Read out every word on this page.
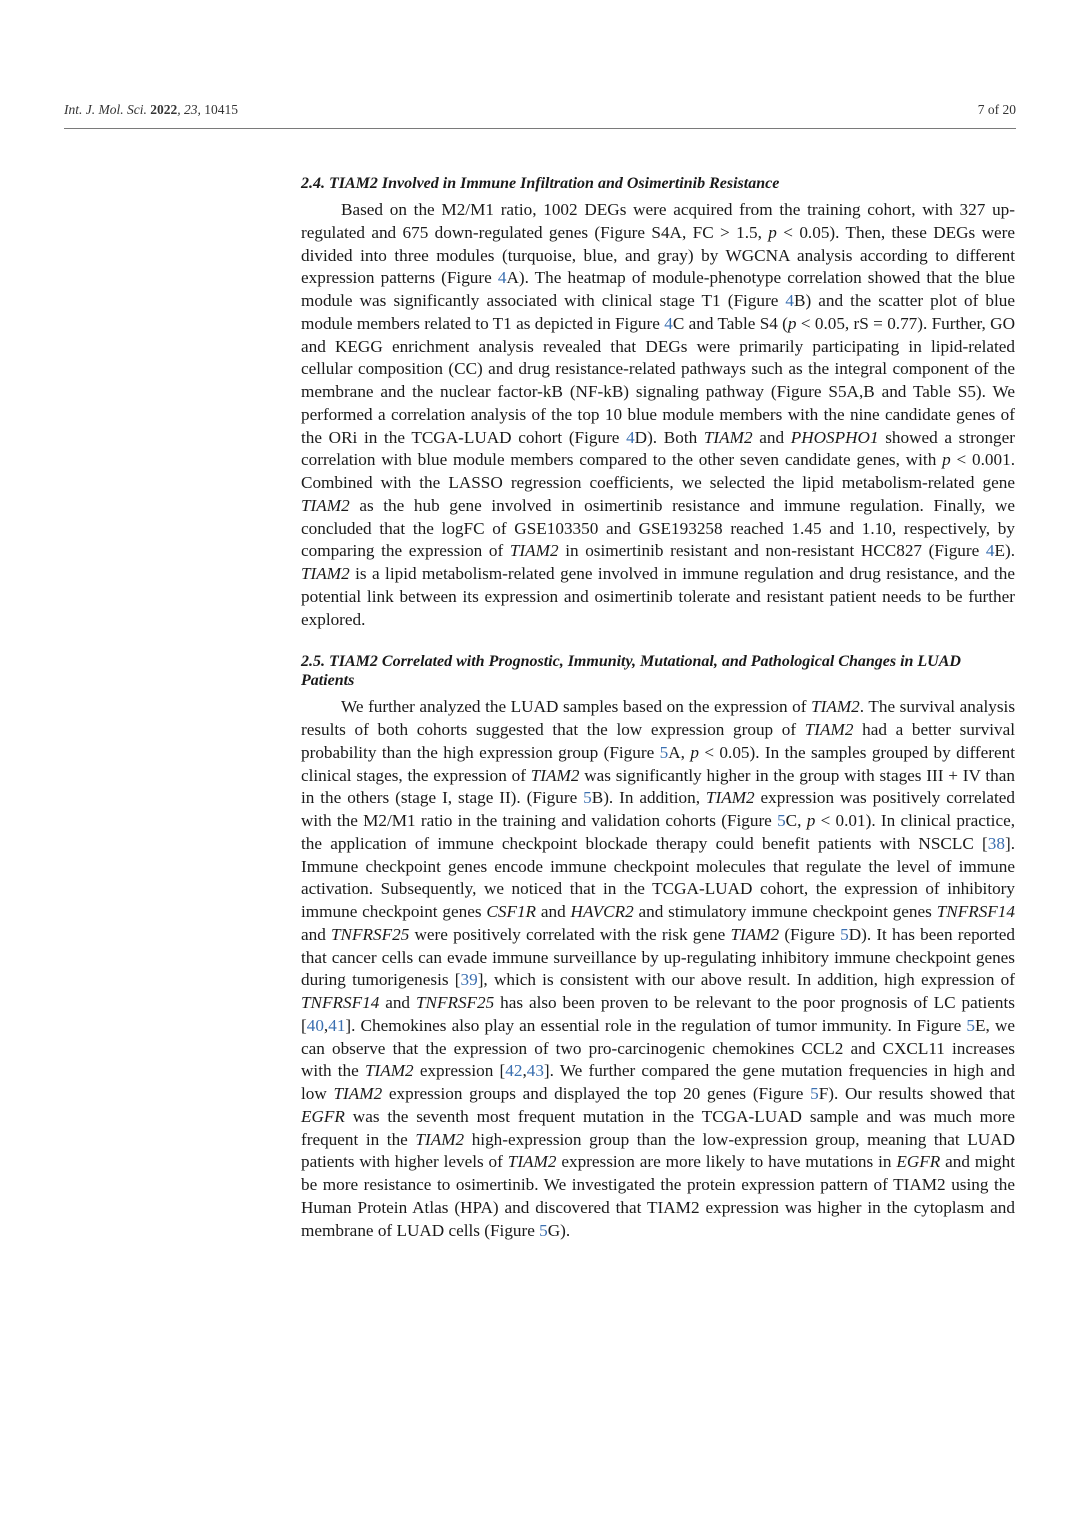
Int. J. Mol. Sci. 2022, 23, 10415	7 of 20
2.4. TIAM2 Involved in Immune Infiltration and Osimertinib Resistance

Based on the M2/M1 ratio, 1002 DEGs were acquired from the training cohort, with 327 up-regulated and 675 down-regulated genes (Figure S4A, FC > 1.5, p < 0.05). Then, these DEGs were divided into three modules (turquoise, blue, and gray) by WGCNA analysis according to different expression patterns (Figure 4A). The heatmap of module-phenotype correlation showed that the blue module was significantly associated with clinical stage T1 (Figure 4B) and the scatter plot of blue module members related to T1 as depicted in Figure 4C and Table S4 (p < 0.05, rS = 0.77). Further, GO and KEGG enrichment analysis revealed that DEGs were primarily participating in lipid-related cellular composition (CC) and drug resistance-related pathways such as the integral component of the membrane and the nuclear factor-kB (NF-kB) signaling pathway (Figure S5A,B and Table S5). We performed a correlation analysis of the top 10 blue module members with the nine candidate genes of the ORi in the TCGA-LUAD cohort (Figure 4D). Both TIAM2 and PHOSPHO1 showed a stronger correlation with blue module members compared to the other seven candidate genes, with p < 0.001. Combined with the LASSO regression coefficients, we selected the lipid metabolism-related gene TIAM2 as the hub gene involved in osimertinib resistance and immune regulation. Finally, we concluded that the logFC of GSE103350 and GSE193258 reached 1.45 and 1.10, respectively, by comparing the expression of TIAM2 in osimertinib resistant and non-resistant HCC827 (Figure 4E). TIAM2 is a lipid metabolism-related gene involved in immune regulation and drug resistance, and the potential link between its expression and osimertinib tolerate and resistant patient needs to be further explored.

2.5. TIAM2 Correlated with Prognostic, Immunity, Mutational, and Pathological Changes in LUAD Patients

We further analyzed the LUAD samples based on the expression of TIAM2. The survival analysis results of both cohorts suggested that the low expression group of TIAM2 had a better survival probability than the high expression group (Figure 5A, p < 0.05). In the samples grouped by different clinical stages, the expression of TIAM2 was significantly higher in the group with stages III + IV than in the others (stage I, stage II). (Figure 5B). In addition, TIAM2 expression was positively correlated with the M2/M1 ratio in the training and validation cohorts (Figure 5C, p < 0.01). In clinical practice, the application of immune checkpoint blockade therapy could benefit patients with NSCLC [38]. Immune checkpoint genes encode immune checkpoint molecules that regulate the level of immune activation. Subsequently, we noticed that in the TCGA-LUAD cohort, the expression of inhibitory immune checkpoint genes CSF1R and HAVCR2 and stimulatory immune checkpoint genes TNFRSF14 and TNFRSF25 were positively correlated with the risk gene TIAM2 (Figure 5D). It has been reported that cancer cells can evade immune surveillance by up-regulating inhibitory immune checkpoint genes during tumorigenesis [39], which is consistent with our above result. In addition, high expression of TNFRSF14 and TNFRSF25 has also been proven to be relevant to the poor prognosis of LC patients [40,41]. Chemokines also play an essential role in the regulation of tumor immunity. In Figure 5E, we can observe that the expression of two pro-carcinogenic chemokines CCL2 and CXCL11 increases with the TIAM2 expression [42,43]. We further compared the gene mutation frequencies in high and low TIAM2 expression groups and displayed the top 20 genes (Figure 5F). Our results showed that EGFR was the seventh most frequent mutation in the TCGA-LUAD sample and was much more frequent in the TIAM2 high-expression group than the low-expression group, meaning that LUAD patients with higher levels of TIAM2 expression are more likely to have mutations in EGFR and might be more resistance to osimertinib. We investigated the protein expression pattern of TIAM2 using the Human Protein Atlas (HPA) and discovered that TIAM2 expression was higher in the cytoplasm and membrane of LUAD cells (Figure 5G).
